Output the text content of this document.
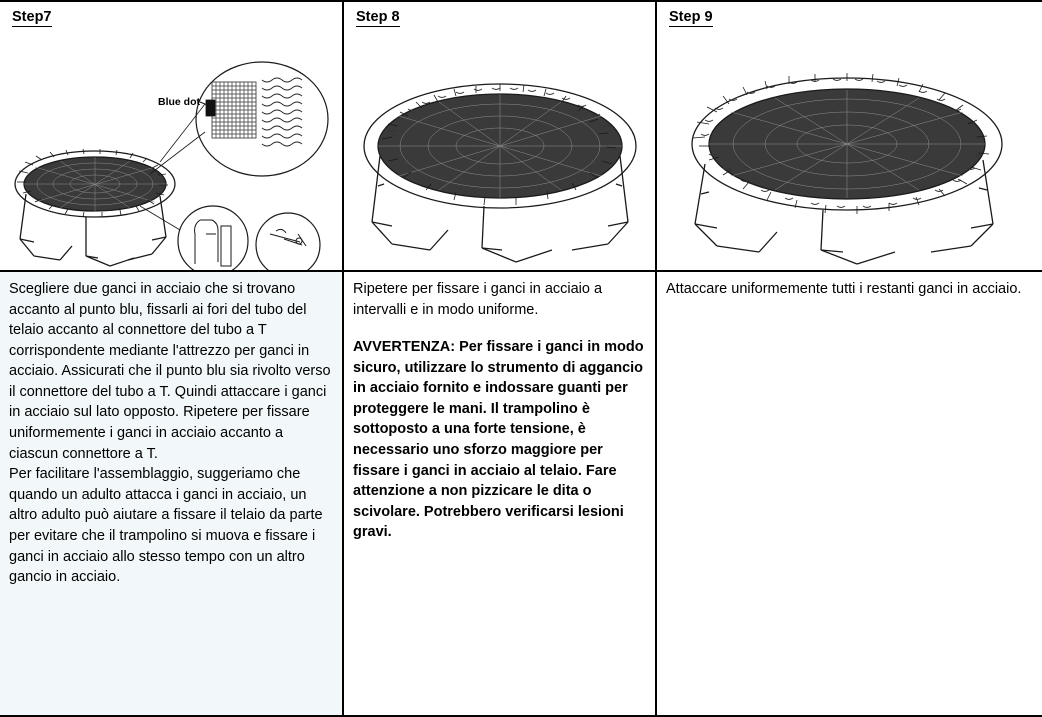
Step7
Blue dot

Scegliere due ganci in acciaio che si trovano accanto al punto blu, fissarli ai fori del tubo del telaio accanto al connettore del tubo a T corrispondente mediante l'attrezzo per ganci in acciaio. Assicurati che il punto blu sia rivolto verso il connettore del tubo a T. Quindi attaccare i ganci in acciaio sul lato opposto. Ripetere per fissare uniformemente i ganci in acciaio accanto a ciascun connettore a T.

Per facilitare l'assemblaggio, suggeriamo che quando un adulto attacca i ganci in acciaio, un altro adulto può aiutare a fissare il telaio da parte per evitare che il trampolino si muova e fissare i ganci in acciaio allo stesso tempo con un altro gancio in acciaio.

Step 8

Ripetere per fissare i ganci in acciaio a intervalli e in modo uniforme.

AVVERTENZA: Per fissare i ganci in modo sicuro, utilizzare lo strumento di aggancio in acciaio fornito e indossare guanti per proteggere le mani. Il trampolino è sottoposto a una forte tensione, è necessario uno sforzo maggiore per fissare i ganci in acciaio al telaio. Fare attenzione a non pizzicare le dita o scivolare. Potrebbero verificarsi lesioni gravi.

Step 9

Attaccare uniformemente tutti i restanti ganci in acciaio.
